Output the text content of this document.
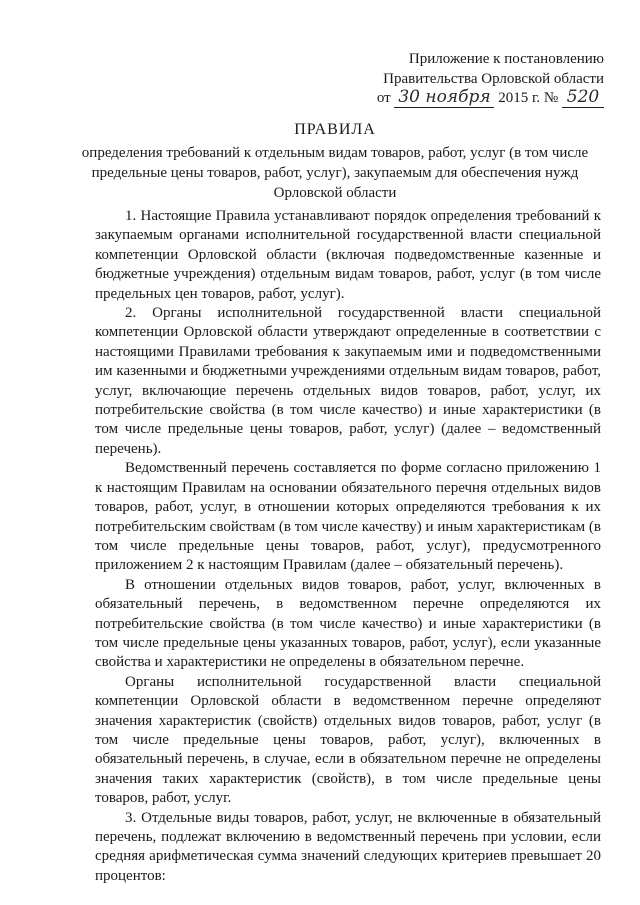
Приложение к постановлению
Правительства Орловской области
от 30 ноября 2015 г. № 520
ПРАВИЛА
определения требований к отдельным видам товаров, работ, услуг (в том числе предельные цены товаров, работ, услуг), закупаемым для обеспечения нужд Орловской области

1. Настоящие Правила устанавливают порядок определения требований к закупаемым органами исполнительной государственной власти специальной компетенции Орловской области (включая подведомственные казенные и бюджетные учреждения) отдельным видам товаров, работ, услуг (в том числе предельных цен товаров, работ, услуг).

2. Органы исполнительной государственной власти специальной компетенции Орловской области утверждают определенные в соответствии с настоящими Правилами требования к закупаемым ими и подведомственными им казенными и бюджетными учреждениями отдельным видам товаров, работ, услуг, включающие перечень отдельных видов товаров, работ, услуг, их потребительские свойства (в том числе качество) и иные характеристики (в том числе предельные цены товаров, работ, услуг) (далее – ведомственный перечень).

Ведомственный перечень составляется по форме согласно приложению 1 к настоящим Правилам на основании обязательного перечня отдельных видов товаров, работ, услуг, в отношении которых определяются требования к их потребительским свойствам (в том числе качеству) и иным характеристикам (в том числе предельные цены товаров, работ, услуг), предусмотренного приложением 2 к настоящим Правилам (далее – обязательный перечень).

В отношении отдельных видов товаров, работ, услуг, включенных в обязательный перечень, в ведомственном перечне определяются их потребительские свойства (в том числе качество) и иные характеристики (в том числе предельные цены указанных товаров, работ, услуг), если указанные свойства и характеристики не определены в обязательном перечне.

Органы исполнительной государственной власти специальной компетенции Орловской области в ведомственном перечне определяют значения характеристик (свойств) отдельных видов товаров, работ, услуг (в том числе предельные цены товаров, работ, услуг), включенных в обязательный перечень, в случае, если в обязательном перечне не определены значения таких характеристик (свойств), в том числе предельные цены товаров, работ, услуг.

3. Отдельные виды товаров, работ, услуг, не включенные в обязательный перечень, подлежат включению в ведомственный перечень при условии, если средняя арифметическая сумма значений следующих критериев превышает 20 процентов:
